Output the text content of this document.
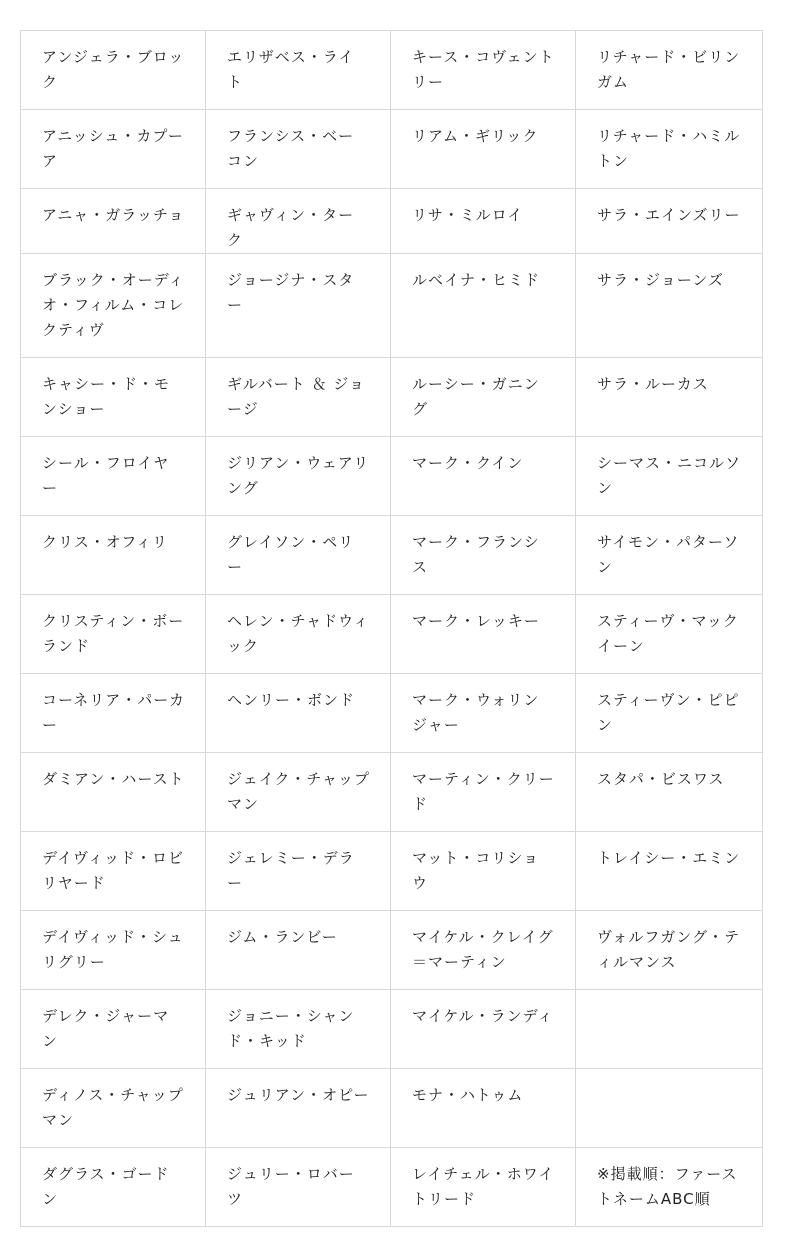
アンジェラ・ブロック	エリザベス・ライト	キース・コヴェントリー	リチャード・ビリンガム
アニッシュ・カプーア	フランシス・ベーコン	リアム・ギリック	リチャード・ハミルトン
アニャ・ガラッチョ	ギャヴィン・ターク	リサ・ミルロイ	サラ・エインズリー
ブラック・オーディオ・フィルム・コレクティヴ	ジョージナ・スター	ルベイナ・ヒミド	サラ・ジョーンズ
キャシー・ド・モンショー	ギルバート ＆ ジョージ	ルーシー・ガニング	サラ・ルーカス
シール・フロイヤー	ジリアン・ウェアリング	マーク・クイン	シーマス・ニコルソン
クリス・オフィリ	グレイソン・ペリー	マーク・フランシス	サイモン・パターソン
クリスティン・ボーランド	ヘレン・チャドウィック	マーク・レッキー	スティーヴ・マックイーン
コーネリア・パーカー	ヘンリー・ボンド	マーク・ウォリンジャー	スティーヴン・ピピン
ダミアン・ハースト	ジェイク・チャップマン	マーティン・クリード	スタパ・ビスワス
デイヴィッド・ロビリヤード	ジェレミー・デラー	マット・コリショウ	トレイシー・エミン
デイヴィッド・シュリグリー	ジム・ランビー	マイケル・クレイグ＝マーティン	ヴォルフガング・ティルマンス
デレク・ジャーマン	ジョニー・シャンド・キッド	マイケル・ランディ	
ディノス・チャップマン	ジュリアン・オピー	モナ・ハトゥム	
ダグラス・ゴードン	ジュリー・ロバーツ	レイチェル・ホワイトリード	※掲載順：ファーストネームABC順
